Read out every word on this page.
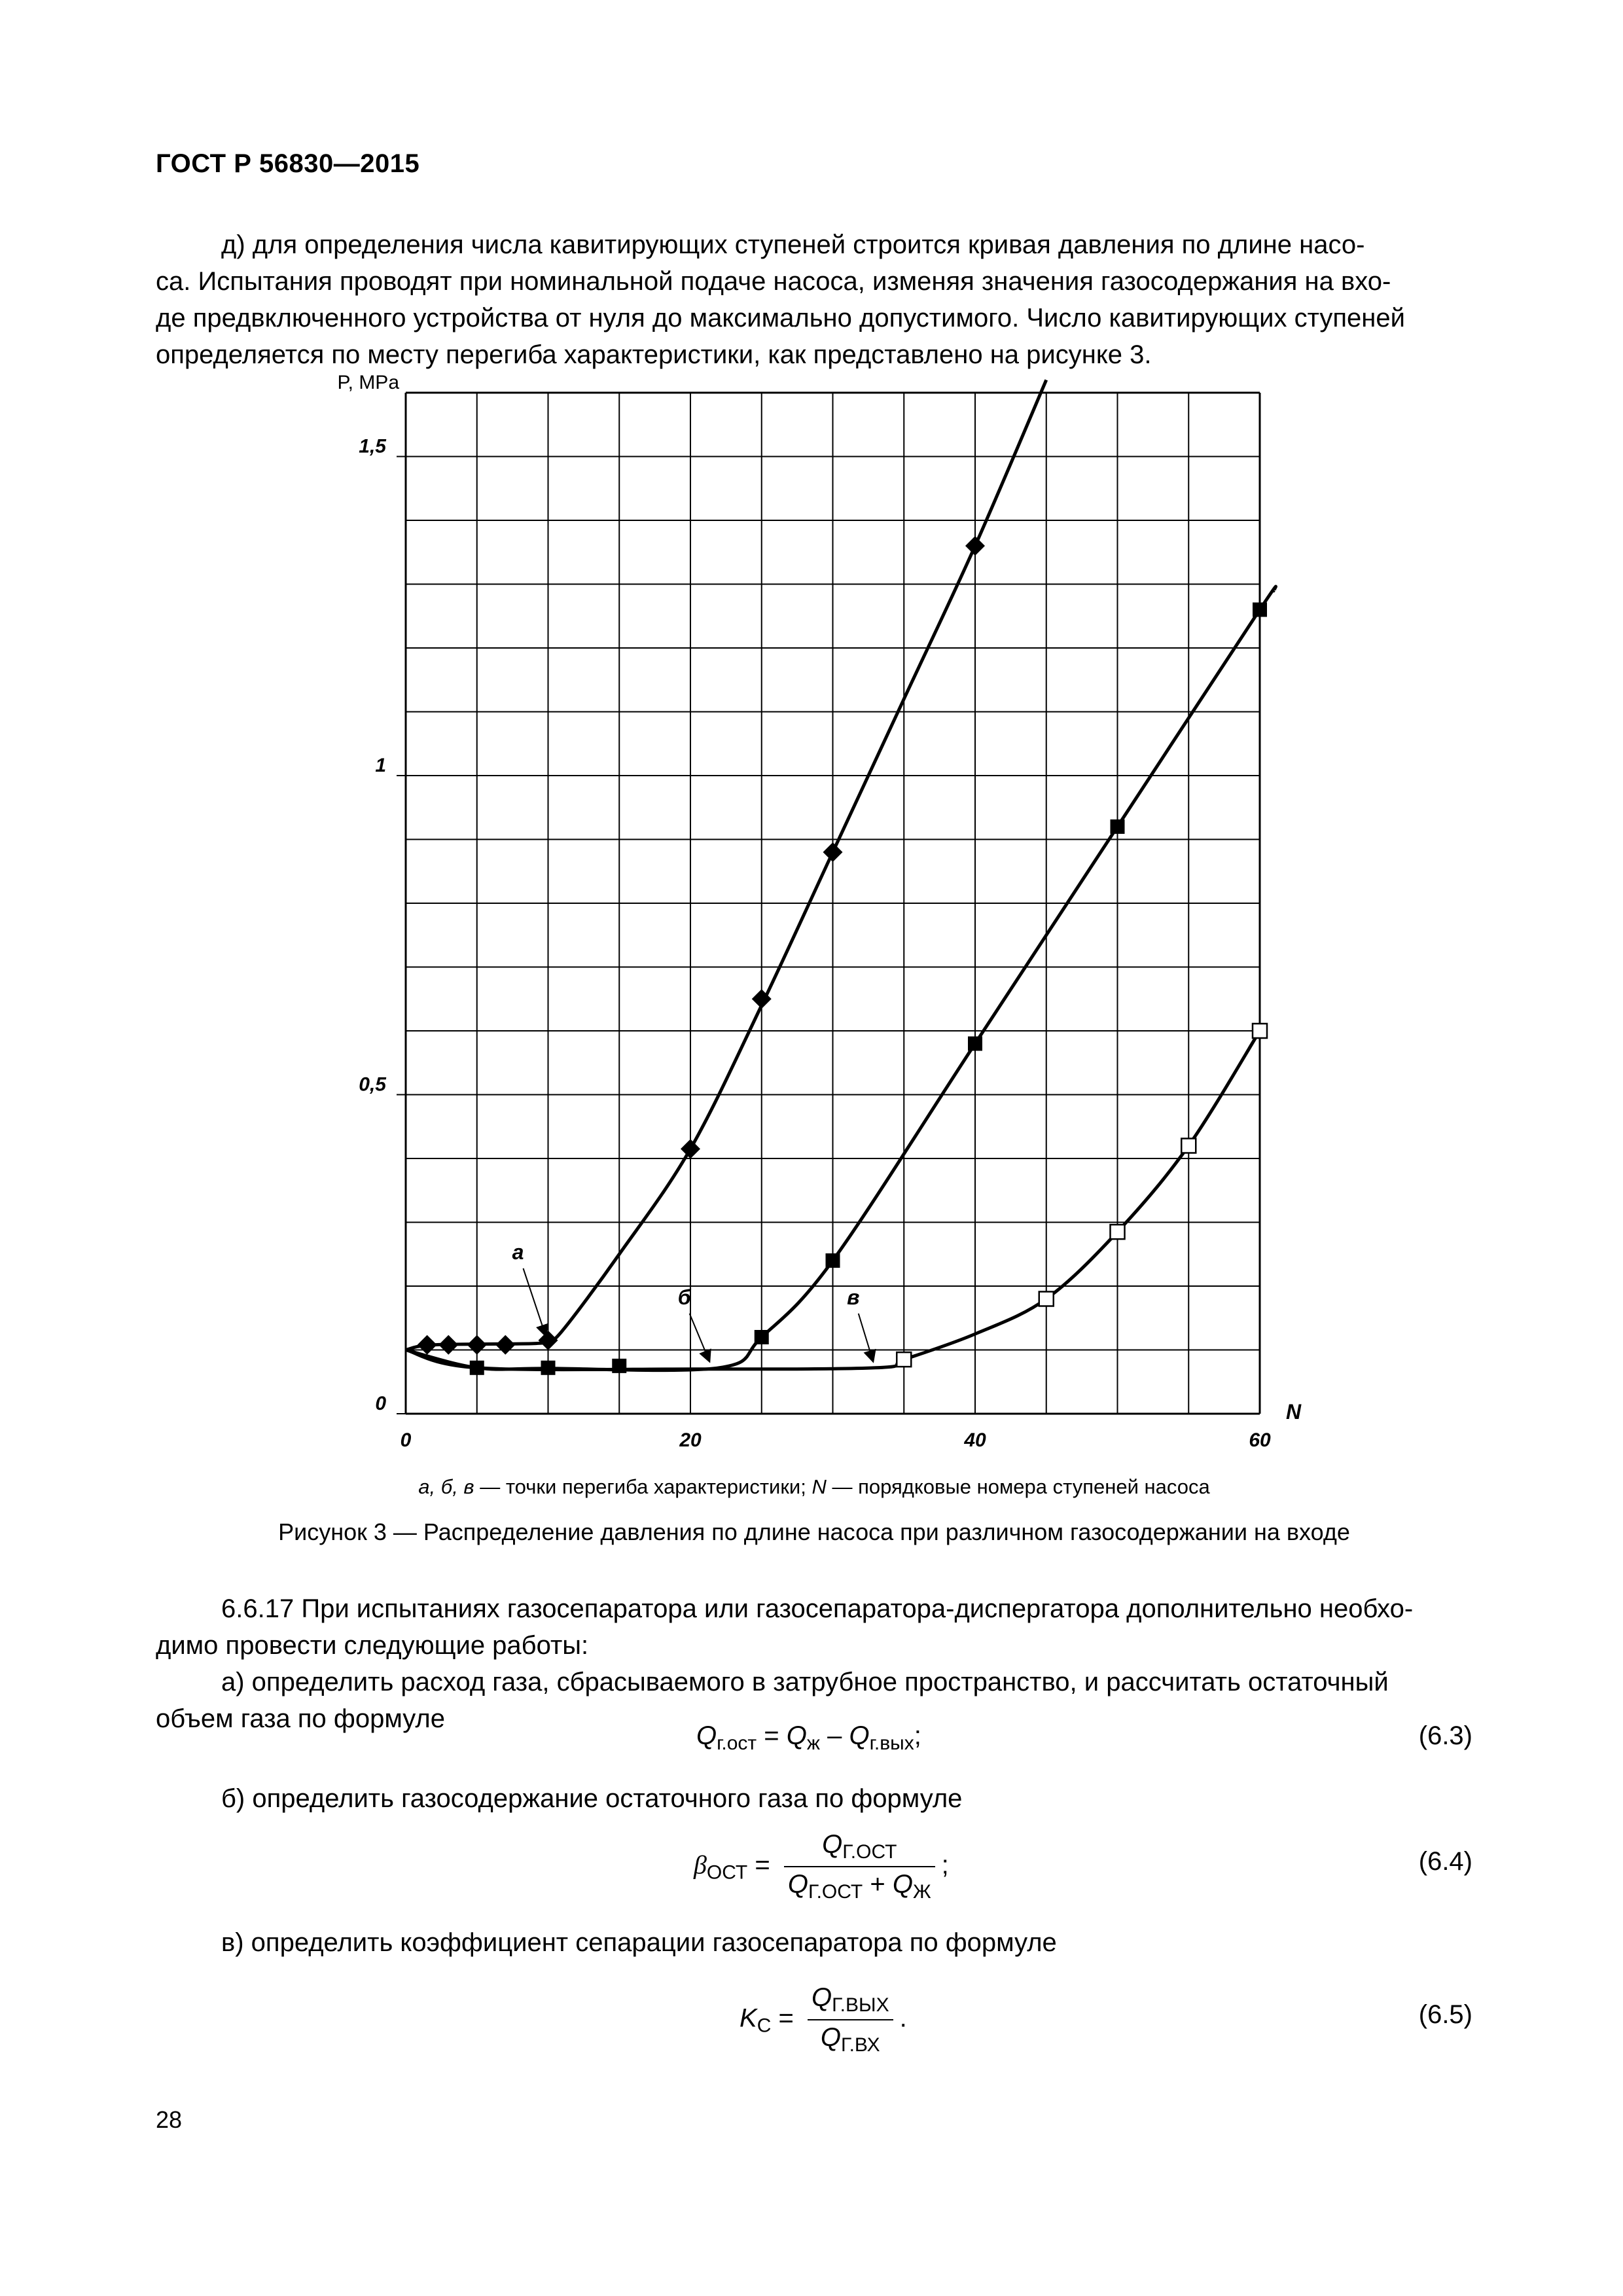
ГОСТ Р 56830—2015

д) для определения числа кавитирующих ступеней строится кривая давления по длине насо-

са. Испытания проводят при номинальной подаче насоса, изменяя значения газосодержания на вхо-

де предвключенного устройства от нуля до максимально допустимого. Число кавитирующих ступеней

определяется по месту перегиба характеристики, как представлено на рисунке 3.

P, MPa
N
0	20	40	60
0
0,5
1
1,5
а
б	в
а, б, в — точки перегиба характеристики; N — порядковые номера ступеней насоса
Рисунок 3 — Распределение давления по длине насоса при различном газосодержании на входе

6.6.17 При испытаниях газосепаратора или газосепаратора-диспергатора дополнительно необхо-

димо провести следующие работы:

а) определить расход газа, сбрасываемого в затрубное пространство, и рассчитать остаточный

объем газа по формуле

$Q_{г.ост} = Q_ж - Q_{г.вых}$;	(6.3)

б) определить газосодержание остаточного газа по формуле

$\beta_{ОСТ} = \frac{Q_{Г.ОСТ}}{Q_{Г.ОСТ} + Q_Ж}$ ;	(6.4)

в) определить коэффициент сепарации газосепаратора по формуле

$K_С = \frac{Q_{Г.ВЫХ}}{Q_{Г.ВХ}}$ .	(6.5)
28
